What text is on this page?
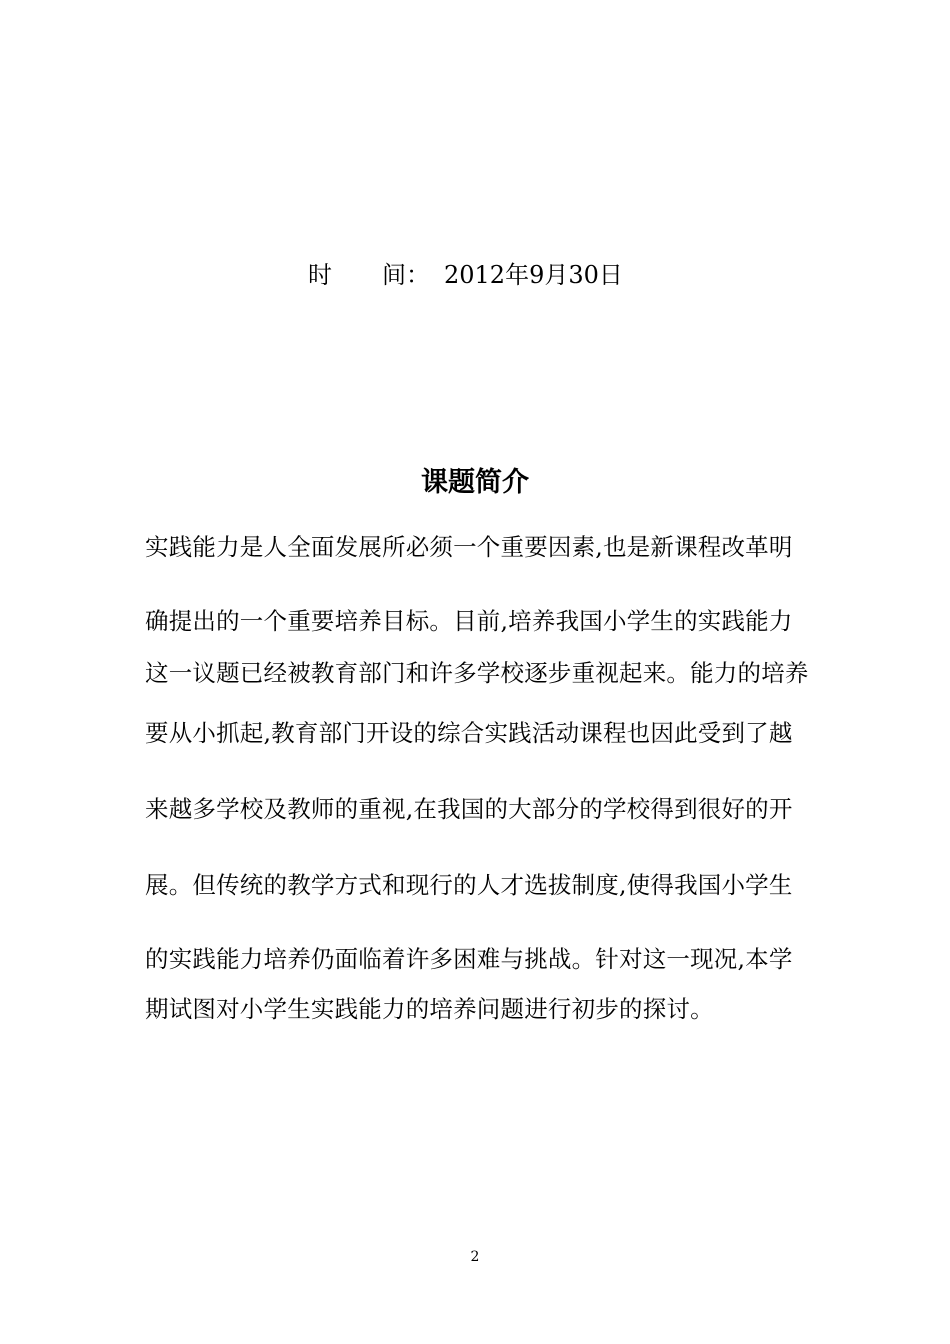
时 间： 2012年9月30日
课题简介
实践能力是人全面发展所必须一个重要因素,也是新课程改革明
确提出的一个重要培养目标。目前,培养我国小学生的实践能力
这一议题已经被教育部门和许多学校逐步重视起来。能力的培养
要从小抓起,教育部门开设的综合实践活动课程也因此受到了越
来越多学校及教师的重视,在我国的大部分的学校得到很好的开
展。但传统的教学方式和现行的人才选拔制度,使得我国小学生
的实践能力培养仍面临着许多困难与挑战。针对这一现况,本学
期试图对小学生实践能力的培养问题进行初步的探讨。
2
